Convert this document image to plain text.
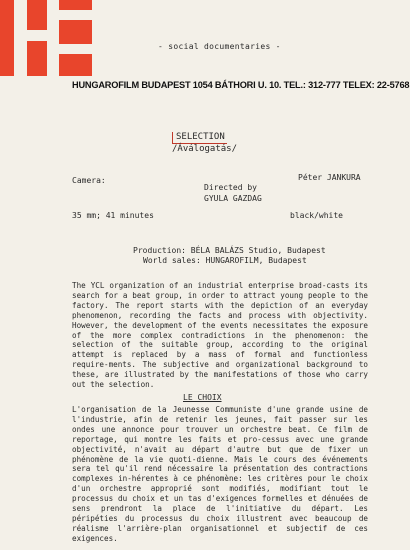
- social documentaries -
HUNGAROFILM BUDAPEST 1054 BÁTHORI U. 10. TEL.: 312-777 TELEX: 22-5768
SELECTION
/Áválogatás/
Camera:	Péter JANKURA
Directed by
GYULA GAZDAG
35 mm; 41 minutes	black/white
Production: BÉLA BALÁZS Studio, Budapest
World sales: HUNGAROFILM, Budapest
The YCL organization of an industrial enterprise broad-casts its search for a beat group, in order to attract young people to the factory. The report starts with the depiction of an everyday phenomenon, recording the facts and process with objectivity. However, the development of the events necessitates the exposure of the more complex contradictions in the phenomenon: the selection of the suitable group, according to the original attempt is replaced by a mass of formal and functionless require-ments. The subjective and organizational background to these, are illustrated by the manifestations of those who carry out the selection.
LE CHOIX
L'organisation de la Jeunesse Communiste d'une grande usine de l'industrie, afin de retenir les jeunes, fait passer sur les ondes une annonce pour trouver un orchestre beat. Ce film de reportage, qui montre les faits et pro-cessus avec une grande objectivité, n'avait au départ d'autre but que de fixer un phénomène de la vie quoti-dienne. Mais le cours des événements sera tel qu'il rend nécessaire la présentation des contractions complexes in-hérentes à ce phénomène: les critères pour le choix d'un orchestre approprié sont modifiés, modifiant tout le processus du choix et un tas d'exigences formelles et dénuées de sens prendront la place de l'initiative du départ. Les péripéties du processus du choix illustrent avec beaucoup de réalisme l'arrière-plan organisationnel et subjectif de ces exigences.
